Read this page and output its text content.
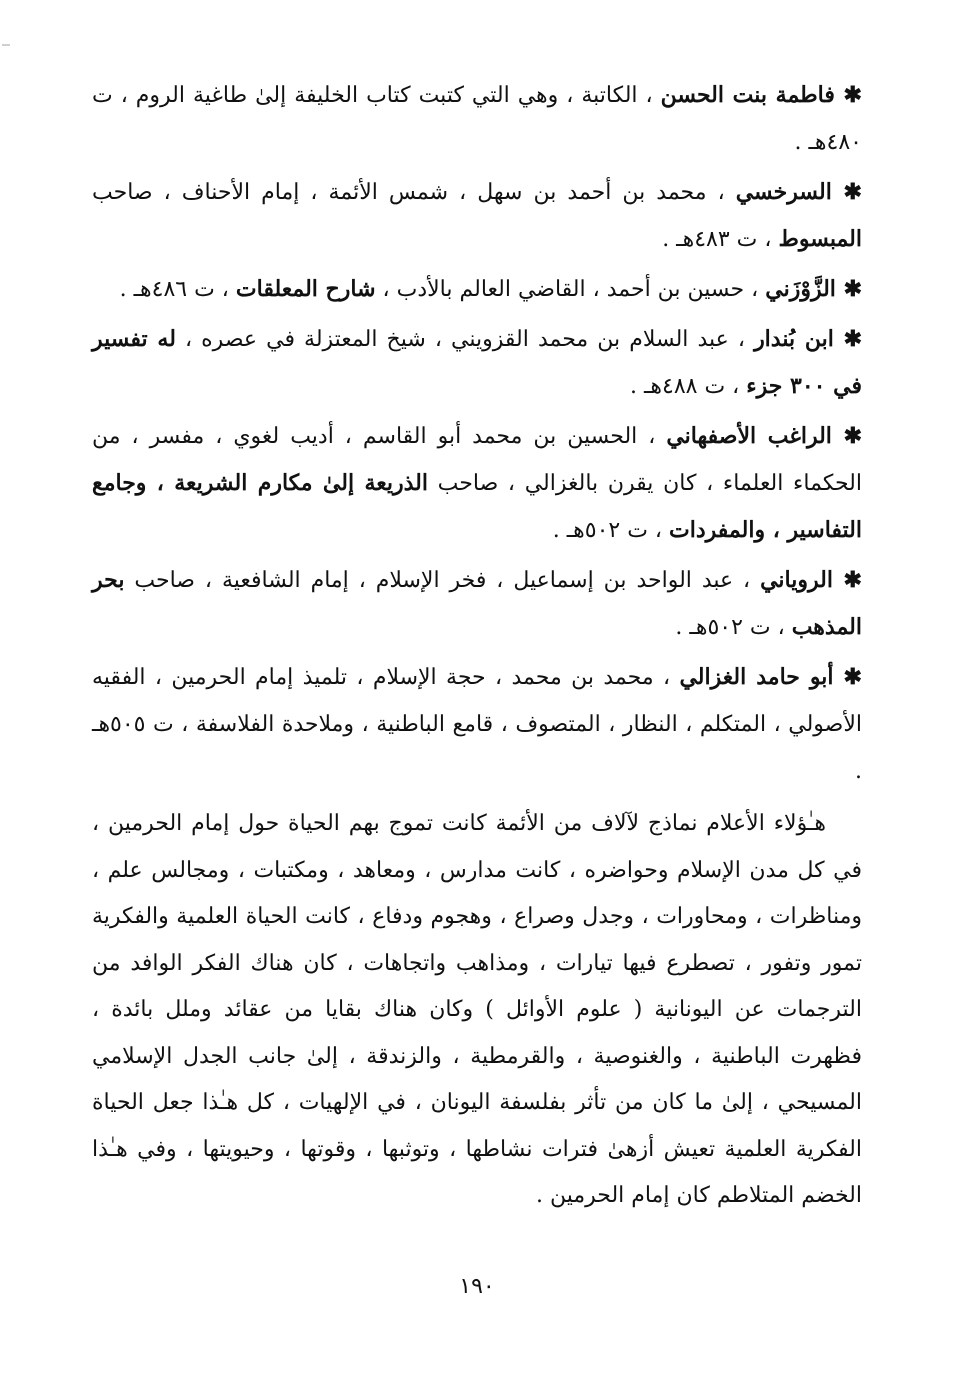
✱ فاطمة بنت الحسن ، الكاتبة ، وهي التي كتبت كتاب الخليفة إلىٰ طاغية الروم ، ت ٤٨٠هـ .

✱ السرخسي ، محمد بن أحمد بن سهل ، شمس الأئمة ، إمام الأحناف ، صاحب المبسوط ، ت ٤٨٣هـ .

✱ الزَّوْزَني ، حسين بن أحمد ، القاضي العالم بالأدب ، شارح المعلقات ، ت ٤٨٦هـ .

✱ ابن بُندار ، عبد السلام بن محمد القزويني ، شيخ المعتزلة في عصره ، له تفسير في ٣٠٠ جزء ، ت ٤٨٨هـ .

✱ الراغب الأصفهاني ، الحسين بن محمد أبو القاسم ، أديب لغوي ، مفسر ، من الحكماء العلماء ، كان يقرن بالغزالي ، صاحب الذريعة إلىٰ مكارم الشريعة ، وجامع التفاسير ، والمفردات ، ت ٥٠٢هـ .

✱ الروياني ، عبد الواحد بن إسماعيل ، فخر الإسلام ، إمام الشافعية ، صاحب بحر المذهب ، ت ٥٠٢هـ .

✱ أبو حامد الغزالي ، محمد بن محمد ، حجة الإسلام ، تلميذ إمام الحرمين ، الفقيه الأصولي ، المتكلم ، النظار ، المتصوف ، قامع الباطنية ، وملاحدة الفلاسفة ، ت ٥٠٥هـ .

هـٰؤلاء الأعلام نماذج لآلاف من الأئمة كانت تموج بهم الحياة حول إمام الحرمين ، في كل مدن الإسلام وحواضره ، كانت مدارس ، ومعاهد ، ومكتبات ، ومجالس علم ، ومناظرات ، ومحاورات ، وجدل وصراع ، وهجوم ودفاع ، كانت الحياة العلمية والفكرية تمور وتفور ، تصطرع فيها تيارات ، ومذاهب واتجاهات ، كان هناك الفكر الوافد من الترجمات عن اليونانية ( علوم الأوائل ) وكان هناك بقايا من عقائد وملل بائدة ، فظهرت الباطنية ، والغنوصية ، والقرمطية ، والزندقة ، إلىٰ جانب الجدل الإسلامي المسيحي ، إلىٰ ما كان من تأثر بفلسفة اليونان ، في الإلهيات ، كل هـٰذا جعل الحياة الفكرية العلمية تعيش أزهىٰ فترات نشاطها ، وتوثبها ، وقوتها ، وحيويتها ، وفي هـٰذا الخضم المتلاطم كان إمام الحرمين .

١٩٠
